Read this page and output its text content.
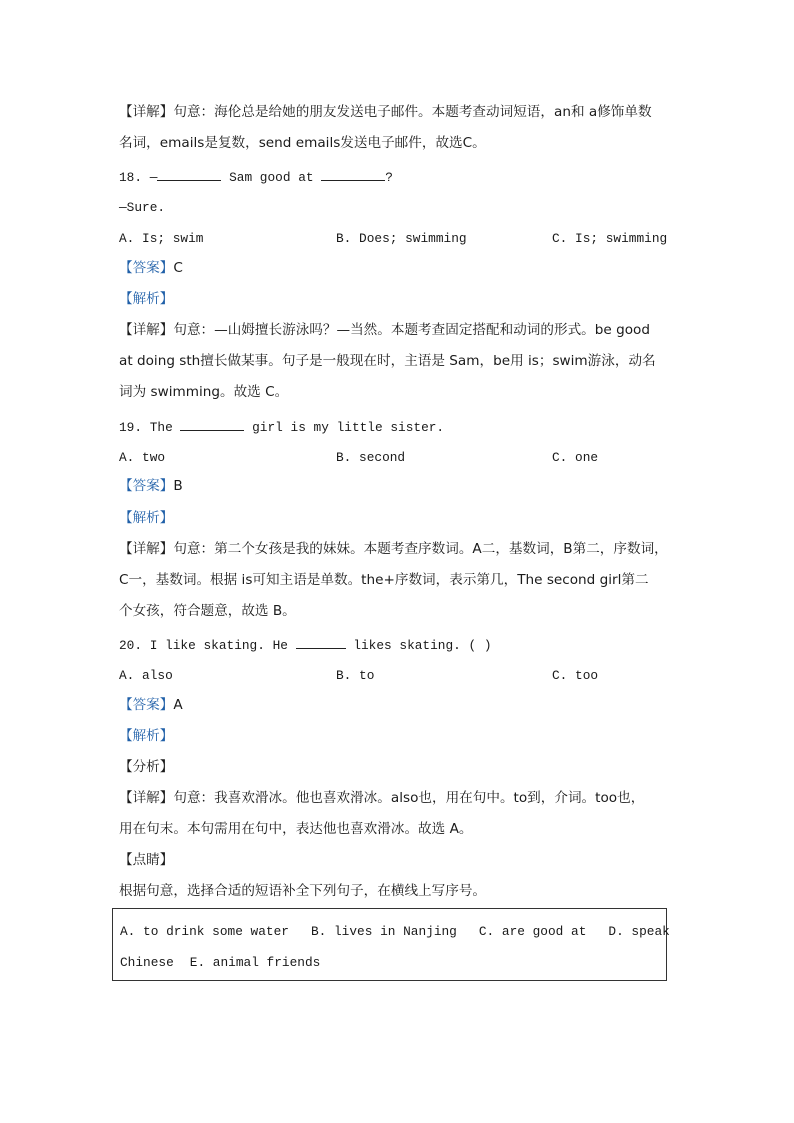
【详解】句意：海伦总是给她的朋友发送电子邮件。本题考查动词短语，an和 a修饰单数
名词，emails是复数，send emails发送电子邮件，故选C。
18. —	Sam good at	?
—Sure.
A. Is; swim	B. Does; swimming	C. Is; swimming
【答案】C
【解析】
【详解】句意：—山姆擅长游泳吗？—当然。本题考查固定搭配和动词的形式。be good
at doing sth擅长做某事。句子是一般现在时，主语是 Sam，be用 is；swim游泳，动名
词为 swimming。故选 C。
19. The	girl is my little sister.
A. two	B. second	C. one
【答案】B
【解析】
【详解】句意：第二个女孩是我的妹妹。本题考查序数词。A二，基数词，B第二，序数词，
C一，基数词。根据 is可知主语是单数。the+序数词，表示第几，The second girl第二
个女孩，符合题意，故选 B。
20. I like skating. He	likes skating. ( )
A. also	B. to	C. too
【答案】A
【解析】
【分析】
【详解】句意：我喜欢滑冰。他也喜欢滑冰。also也，用在句中。to到，介词。too也，
用在句末。本句需用在句中，表达他也喜欢滑冰。故选 A。
【点睛】
根据句意，选择合适的短语补全下列句子，在横线上写序号。
A. to drink some water B. lives in Nanjing C. are good at D. speak
Chinese E. animal friends
